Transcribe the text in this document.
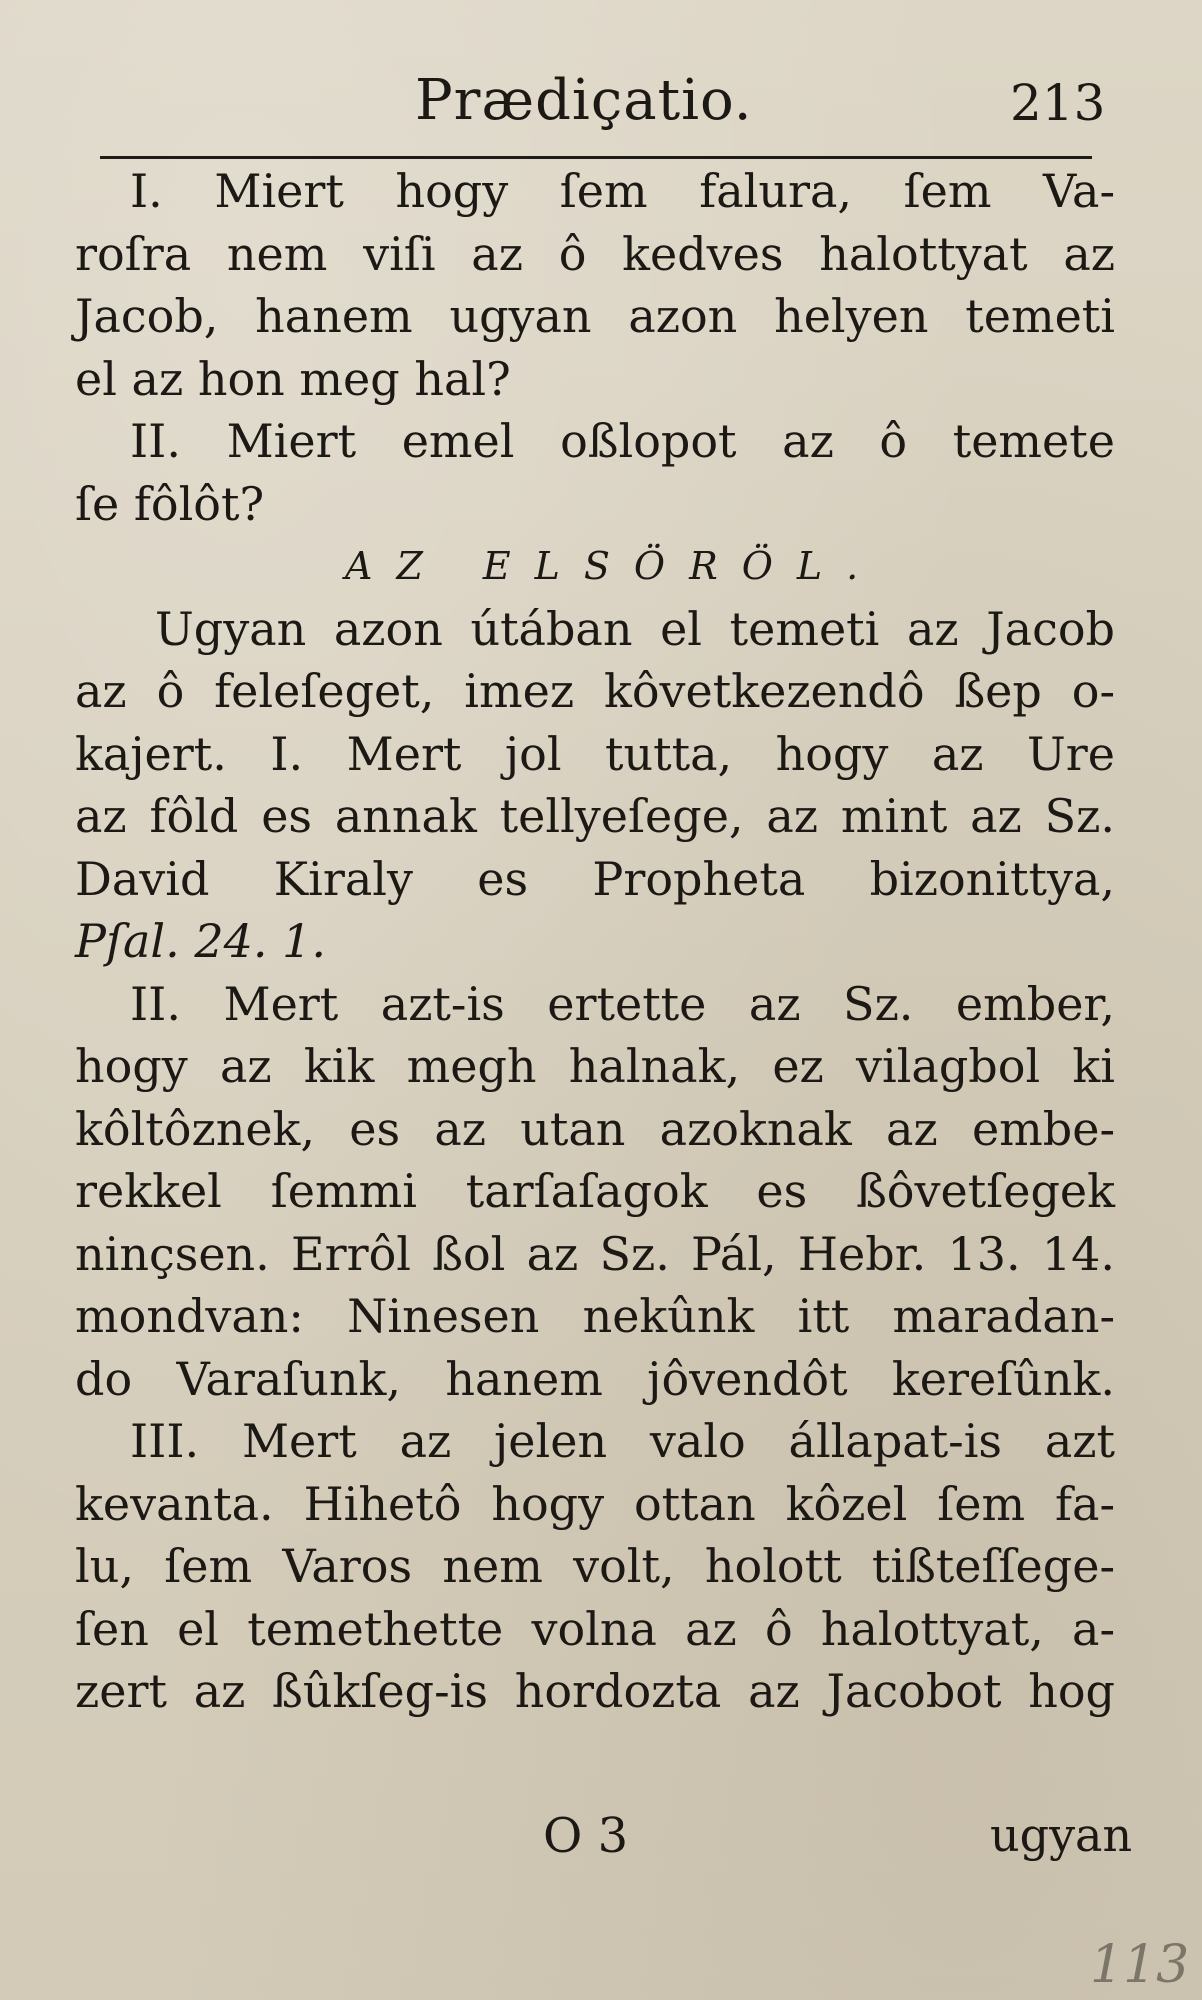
Prædiçatio.	213
I. Miert hogy ſem falura, ſem Va-
roſra nem viſi az ô kedves halottyat az
Jacob, hanem ugyan azon helyen temeti
el az hon meg hal?
II. Miert emel oßlopot az ô temete
ſe fôlôt?
AZ ELSÖRÖL.
Ugyan azon útában el temeti az Jacob
az ô feleſeget, imez kôvetkezendô ßep o-
kajert. I. Mert jol tutta, hogy az Ure
az fôld es annak tellyeſege, az mint az Sz.
David Kiraly es Propheta bizonittya,
Pſal. 24. 1.
II. Mert azt-is ertette az Sz. ember,
hogy az kik megh halnak, ez vilagbol ki
kôltôznek, es az utan azoknak az embe-
rekkel ſemmi tarſaſagok es ßôvetſegek
ninçsen. Errôl ßol az Sz. Pál, Hebr. 13. 14.
mondvan: Ninesen nekûnk itt maradan-
do Varaſunk, hanem jôvendôt kereſûnk.
III. Mert az jelen valo állapat-is azt
kevanta. Hihetô hogy ottan kôzel ſem fa-
lu, ſem Varos nem volt, holott tißteſſege-
ſen el temethette volna az ô halottyat, a-
zert az ßûkſeg-is hordozta az Jacobot hog
O 3	ugyan
113
